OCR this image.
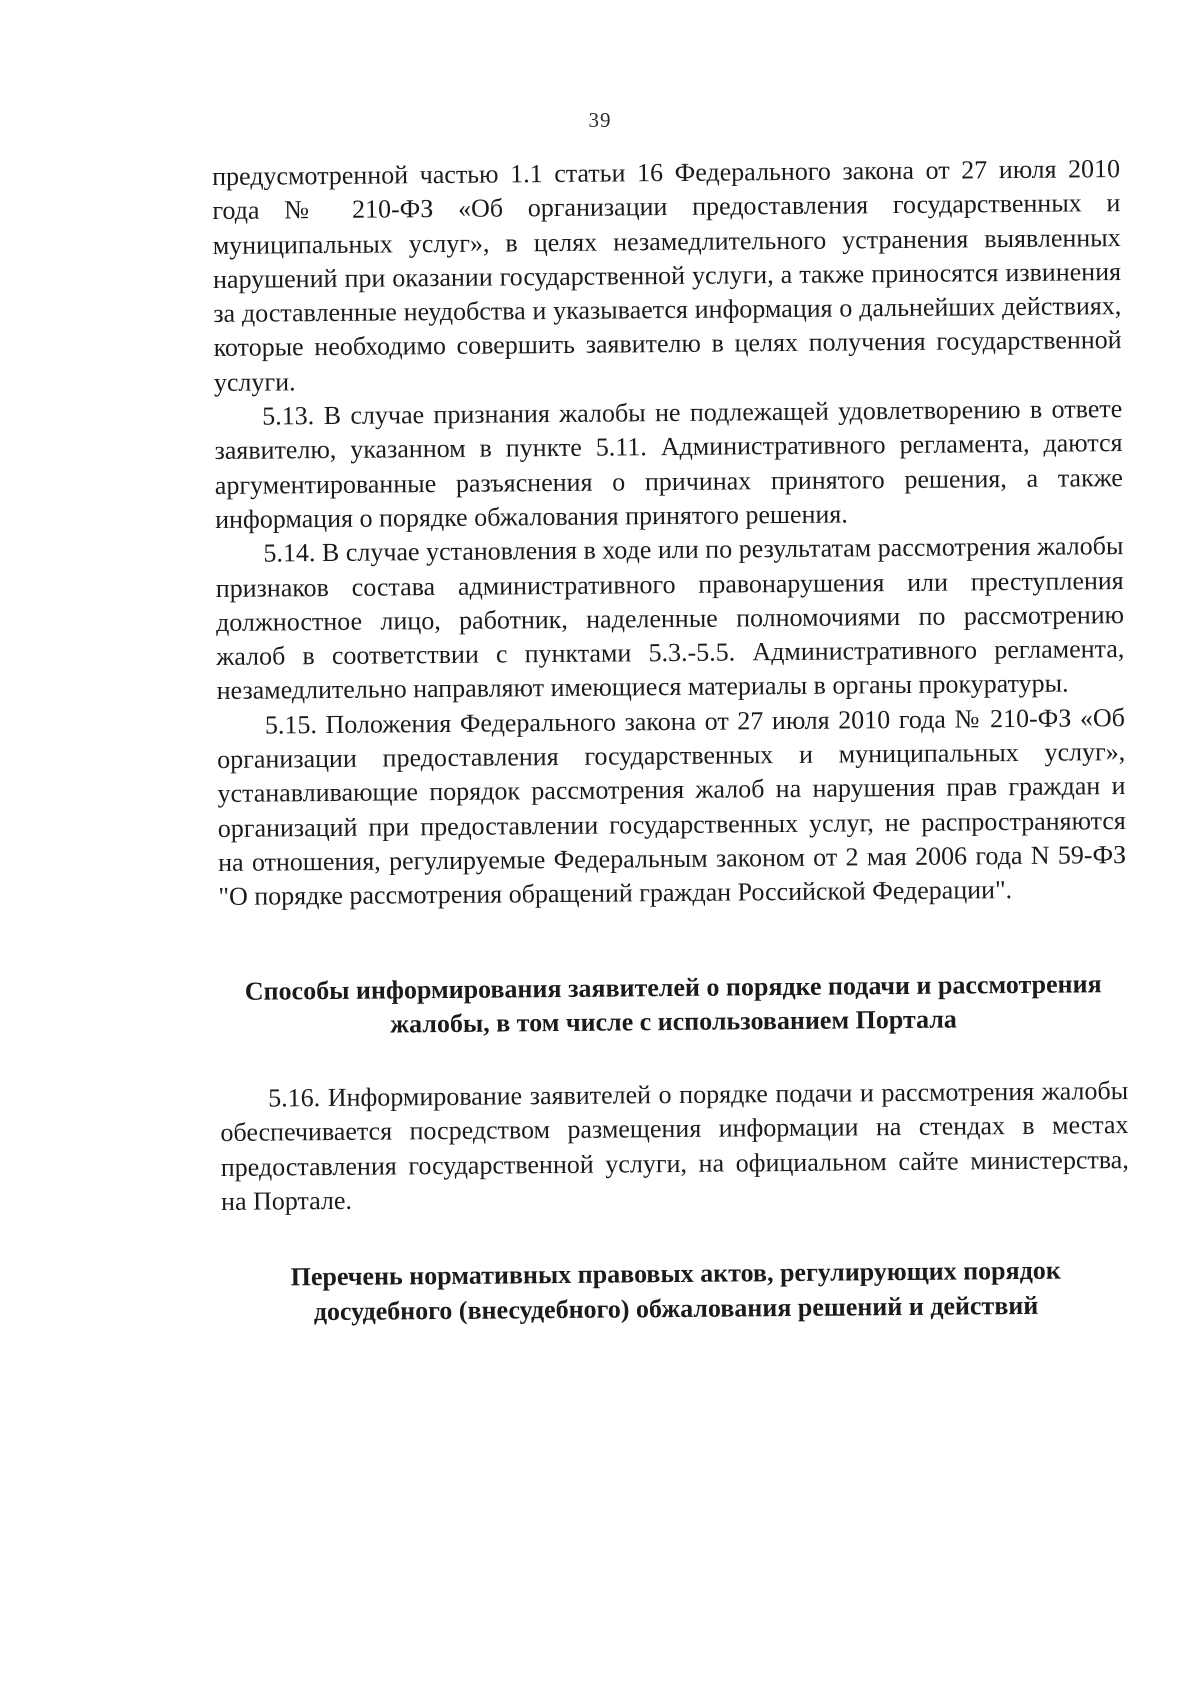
39

предусмотренной частью 1.1 статьи 16 Федерального закона от 27 июля 2010 года № 210-ФЗ «Об организации предоставления государственных и муниципальных услуг», в целях незамедлительного устранения выявленных нарушений при оказании государственной услуги, а также приносятся извинения за доставленные неудобства и указывается информация о дальнейших действиях, которые необходимо совершить заявителю в целях получения государственной услуги.

5.13. В случае признания жалобы не подлежащей удовлетворению в ответе заявителю, указанном в пункте 5.11. Административного регламента, даются аргументированные разъяснения о причинах принятого решения, а также информация о порядке обжалования принятого решения.

5.14. В случае установления в ходе или по результатам рассмотрения жалобы признаков состава административного правонарушения или преступления должностное лицо, работник, наделенные полномочиями по рассмотрению жалоб в соответствии с пунктами 5.3.-5.5. Административного регламента, незамедлительно направляют имеющиеся материалы в органы прокуратуры.

5.15. Положения Федерального закона от 27 июля 2010 года № 210-ФЗ «Об организации предоставления государственных и муниципальных услуг», устанавливающие порядок рассмотрения жалоб на нарушения прав граждан и организаций при предоставлении государственных услуг, не распространяются на отношения, регулируемые Федеральным законом от 2 мая 2006 года N 59-ФЗ "О порядке рассмотрения обращений граждан Российской Федерации".

Способы информирования заявителей о порядке подачи и рассмотрения
жалобы, в том числе с использованием Портала

5.16. Информирование заявителей о порядке подачи и рассмотрения жалобы обеспечивается посредством размещения информации на стендах в местах предоставления государственной услуги, на официальном сайте министерства, на Портале.

Перечень нормативных правовых актов, регулирующих порядок
досудебного (внесудебного) обжалования решений и действий
